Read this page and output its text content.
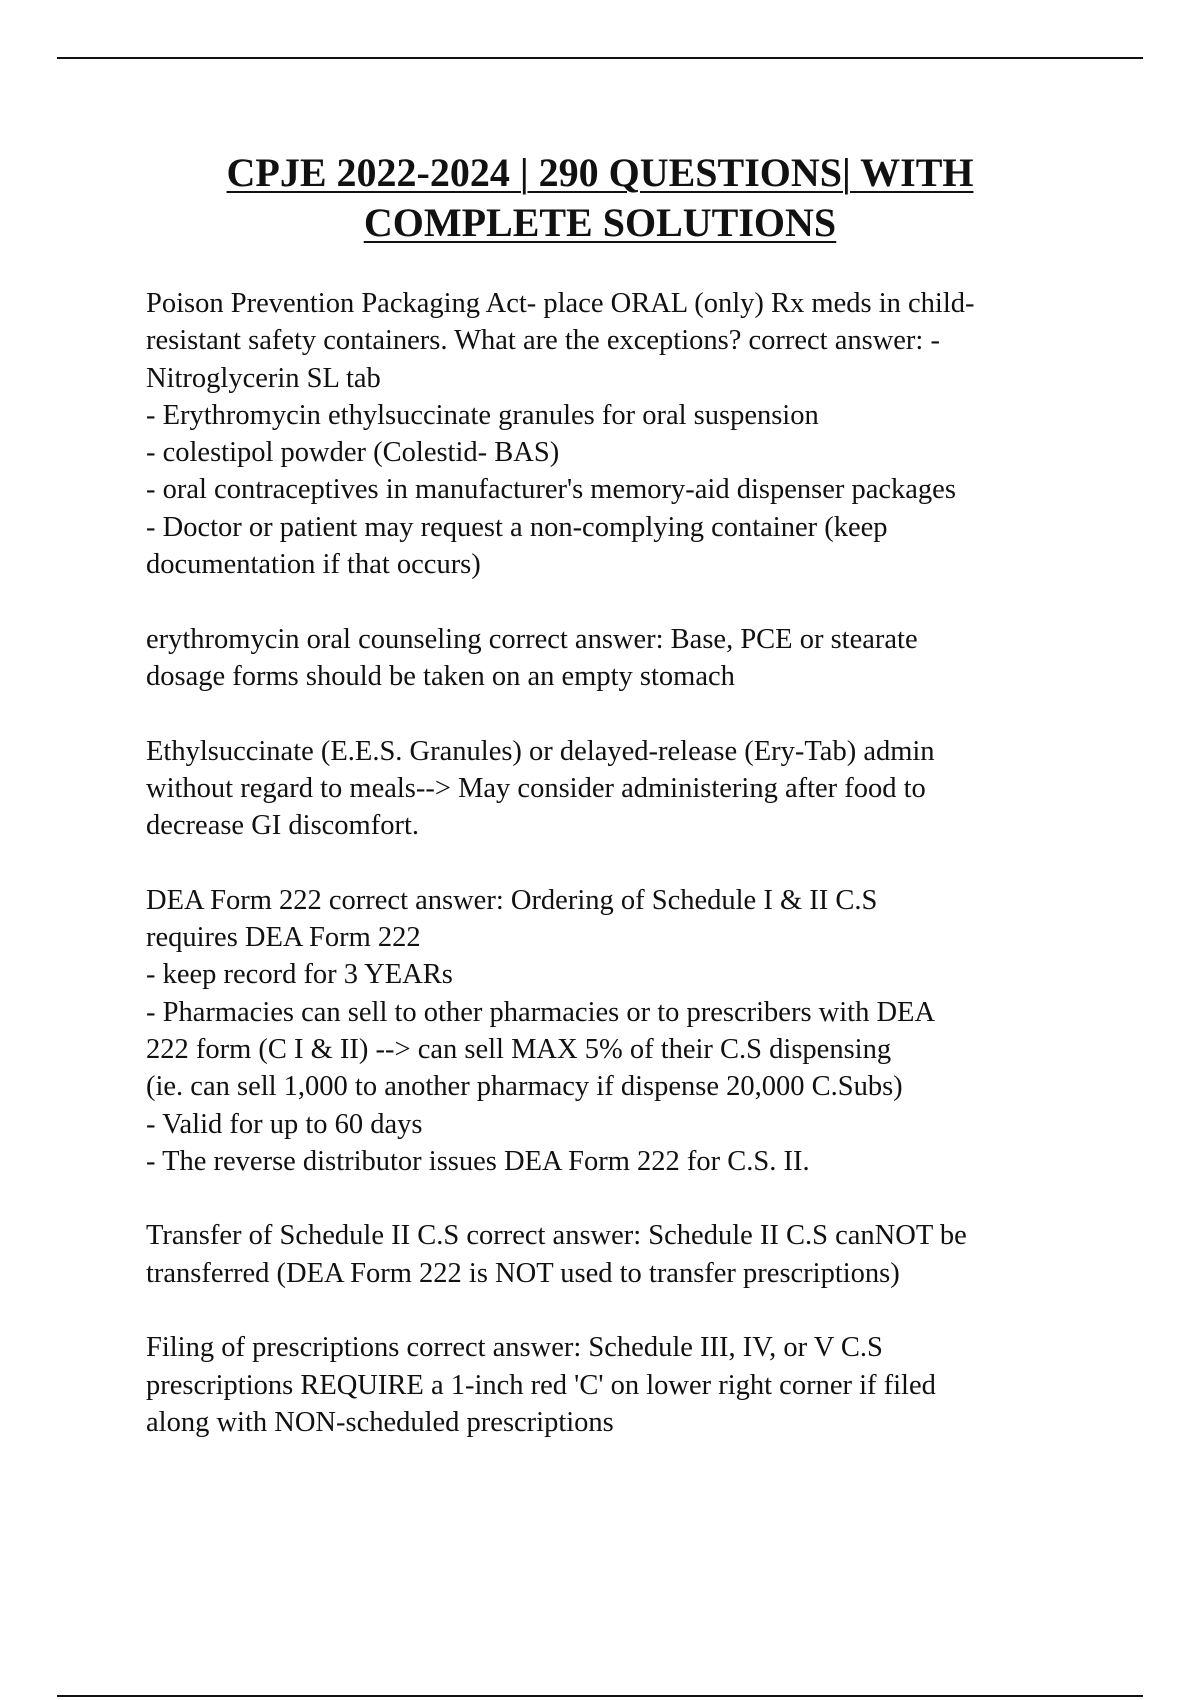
CPJE 2022-2024 | 290 QUESTIONS| WITH
COMPLETE SOLUTIONS

Poison Prevention Packaging Act- place ORAL (only) Rx meds in child-
resistant safety containers. What are the exceptions? correct answer: -
Nitroglycerin SL tab
- Erythromycin ethylsuccinate granules for oral suspension
- colestipol powder (Colestid- BAS)
- oral contraceptives in manufacturer's memory-aid dispenser packages
- Doctor or patient may request a non-complying container (keep
documentation if that occurs)

erythromycin oral counseling correct answer: Base, PCE or stearate
dosage forms should be taken on an empty stomach

Ethylsuccinate (E.E.S. Granules) or delayed-release (Ery-Tab) admin
without regard to meals--> May consider administering after food to
decrease GI discomfort.

DEA Form 222 correct answer: Ordering of Schedule I & II C.S
requires DEA Form 222
- keep record for 3 YEARs
- Pharmacies can sell to other pharmacies or to prescribers with DEA
222 form (C I & II) --> can sell MAX 5% of their C.S dispensing
(ie. can sell 1,000 to another pharmacy if dispense 20,000 C.Subs)
- Valid for up to 60 days
- The reverse distributor issues DEA Form 222 for C.S. II.

Transfer of Schedule II C.S correct answer: Schedule II C.S canNOT be
transferred (DEA Form 222 is NOT used to transfer prescriptions)

Filing of prescriptions correct answer: Schedule III, IV, or V C.S
prescriptions REQUIRE a 1-inch red 'C' on lower right corner if filed
along with NON-scheduled prescriptions
